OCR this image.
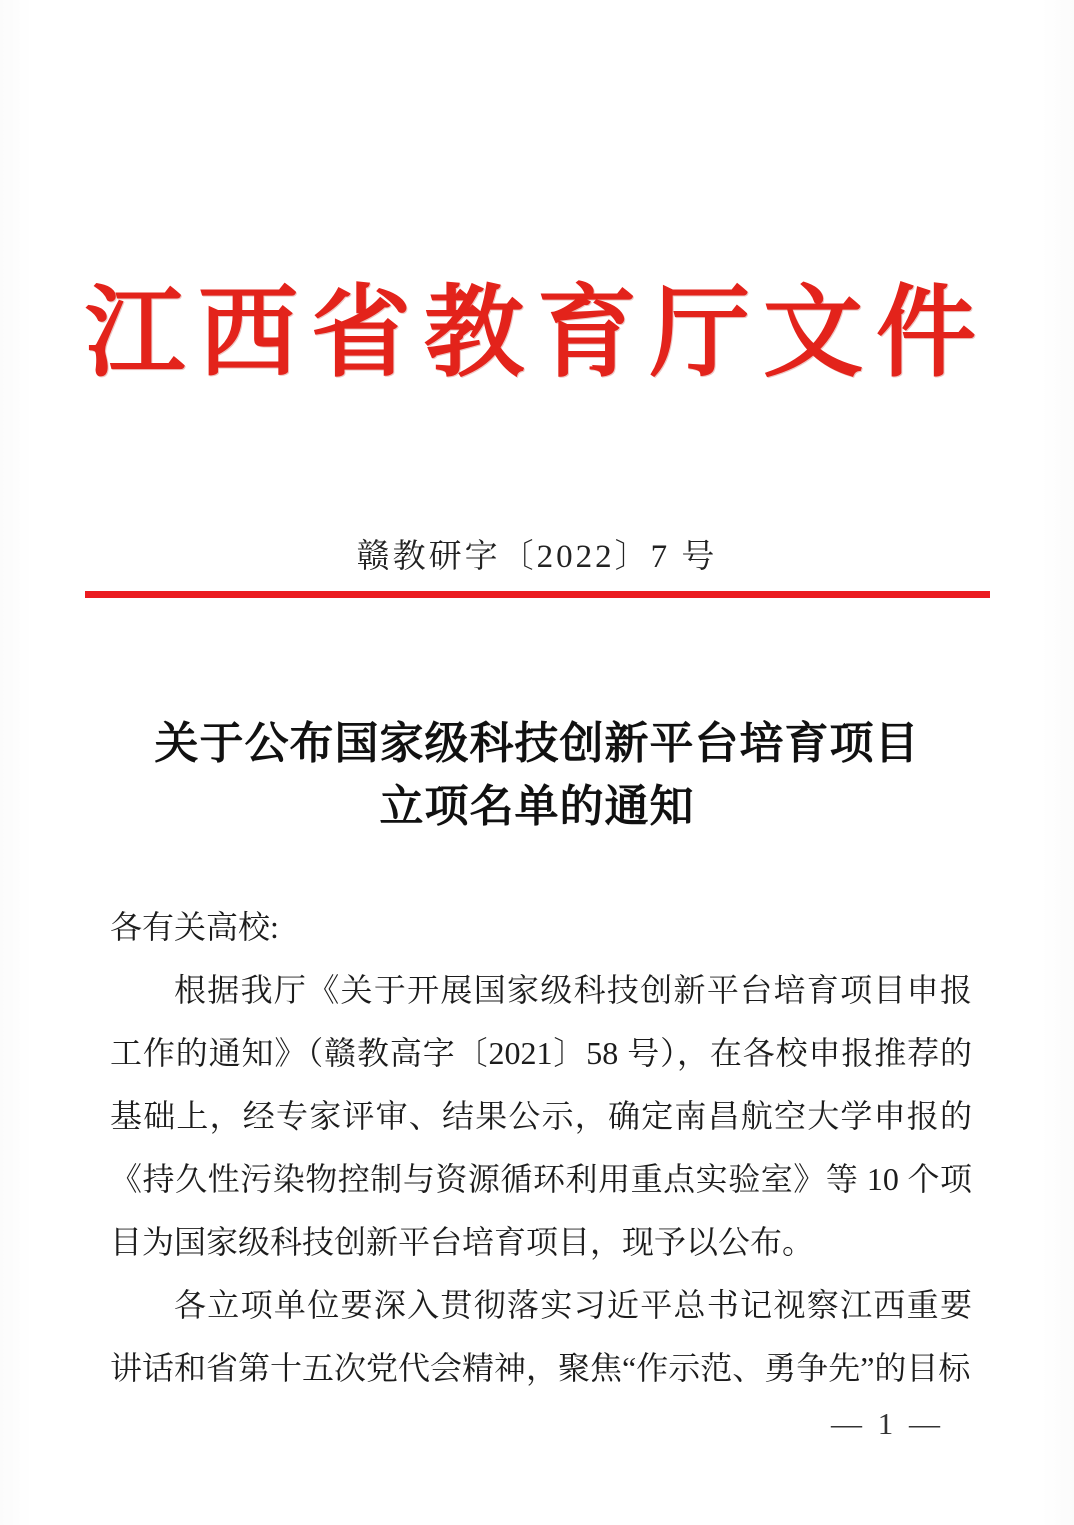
江西省教育厅文件
赣教研字〔2022〕7 号
关于公布国家级科技创新平台培育项目
立项名单的通知

各有关高校:

根据我厅《关于开展国家级科技创新平台培育项目申报工作的通知》（赣教高字〔2021〕58 号），在各校申报推荐的基础上，经专家评审、结果公示，确定南昌航空大学申报的《持久性污染物控制与资源循环利用重点实验室》等 10 个项目为国家级科技创新平台培育项目，现予以公布。

各立项单位要深入贯彻落实习近平总书记视察江西重要讲话和省第十五次党代会精神，聚焦“作示范、勇争先”的目标

— 1 —
